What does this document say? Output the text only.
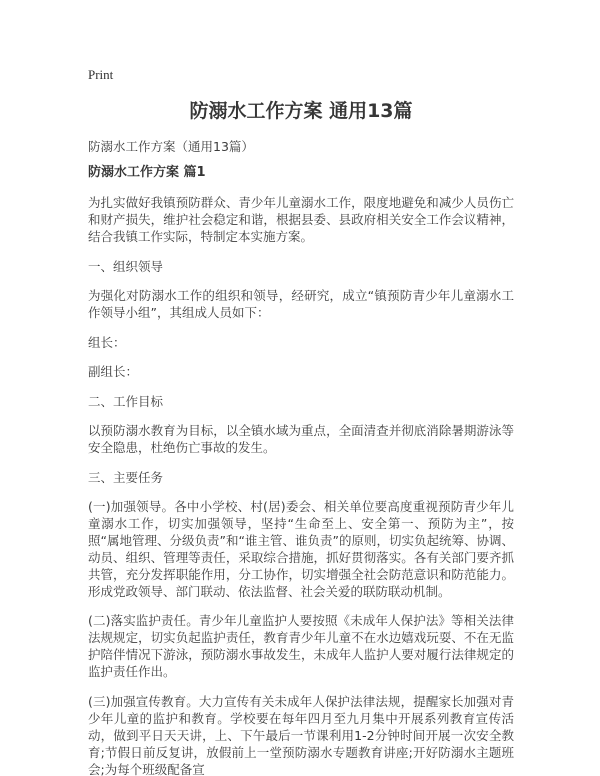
Print
防溺水工作方案 通用13篇
防溺水工作方案（通用13篇）
防溺水工作方案 篇1

为扎实做好我镇预防群众、青少年儿童溺水工作，限度地避免和减少人员伤亡和财产损失，维护社会稳定和谐，根据县委、县政府相关安全工作会议精神，结合我镇工作实际，特制定本实施方案。

一、组织领导

为强化对防溺水工作的组织和领导，经研究，成立“镇预防青少年儿童溺水工作领导小组”，其组成人员如下：

组长：
副组长：
二、工作目标

以预防溺水教育为目标，以全镇水域为重点，全面清查并彻底消除暑期游泳等安全隐患，杜绝伤亡事故的发生。

三、主要任务

(一)加强领导。各中小学校、村(居)委会、相关单位要高度重视预防青少年儿童溺水工作，切实加强领导，坚持“生命至上、安全第一、预防为主”，按照“属地管理、分级负责”和“谁主管、谁负责”的原则，切实负起统筹、协调、动员、组织、管理等责任，采取综合措施，抓好贯彻落实。各有关部门要齐抓共管，充分发挥职能作用，分工协作，切实增强全社会防范意识和防范能力。形成党政领导、部门联动、依法监督、社会关爱的联防联动机制。

(二)落实监护责任。青少年儿童监护人要按照《未成年人保护法》等相关法律法规规定，切实负起监护责任，教育青少年儿童不在水边嬉戏玩耍、不在无监护陪伴情况下游泳，预防溺水事故发生，未成年人监护人要对履行法律规定的监护责任作出。

(三)加强宣传教育。大力宣传有关未成年人保护法律法规，提醒家长加强对青少年儿童的监护和教育。学校要在每年四月至九月集中开展系列教育宣传活动，做到平日天天讲，上、下午最后一节课利用1-2分钟时间开展一次安全教育;节假日前反复讲，放假前上一堂预防溺水专题教育讲座;开好防溺水主题班会;为每个班级配备宣
